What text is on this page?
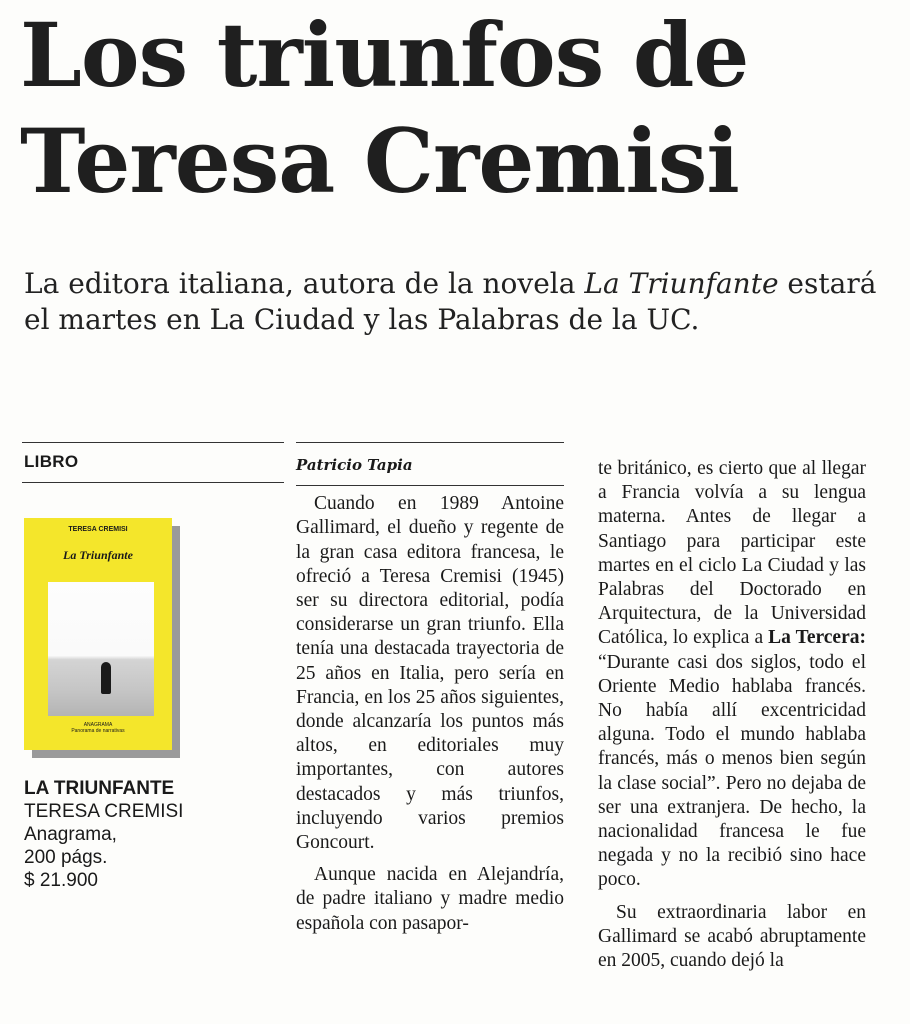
Los triunfos de
Teresa Cremisi

La editora italiana, autora de la novela La Triunfante estará el martes en La Ciudad y las Palabras de la UC.

LIBRO
TERESA CREMISI
La Triunfante
ANAGRAMA
Panorama de narrativas
LA TRIUNFANTE
TERESA CREMISI
Anagrama,
200 págs.
$ 21.900
Patricio Tapia

Cuando en 1989 Antoine Gallimard, el dueño y regente de la gran casa editora francesa, le ofreció a Teresa Cremisi (1945) ser su directora editorial, podía considerarse un gran triunfo. Ella tenía una destacada trayectoria de 25 años en Italia, pero sería en Francia, en los 25 años siguientes, donde alcanzaría los puntos más altos, en editoriales muy importantes, con autores destacados y más triunfos, incluyendo varios premios Goncourt.

Aunque nacida en Alejandría, de padre italiano y madre medio española con pasapor-

te británico, es cierto que al llegar a Francia volvía a su lengua materna. Antes de llegar a Santiago para participar este martes en el ciclo La Ciudad y las Palabras del Doctorado en Arquitectura, de la Universidad Católica, lo explica a La Tercera: “Durante casi dos siglos, todo el Oriente Medio hablaba francés. No había allí excentricidad alguna. Todo el mundo hablaba francés, más o menos bien según la clase social”. Pero no dejaba de ser una extranjera. De hecho, la nacionalidad francesa le fue negada y no la recibió sino hace poco.

Su extraordinaria labor en Gallimard se acabó abruptamente en 2005, cuando dejó la
